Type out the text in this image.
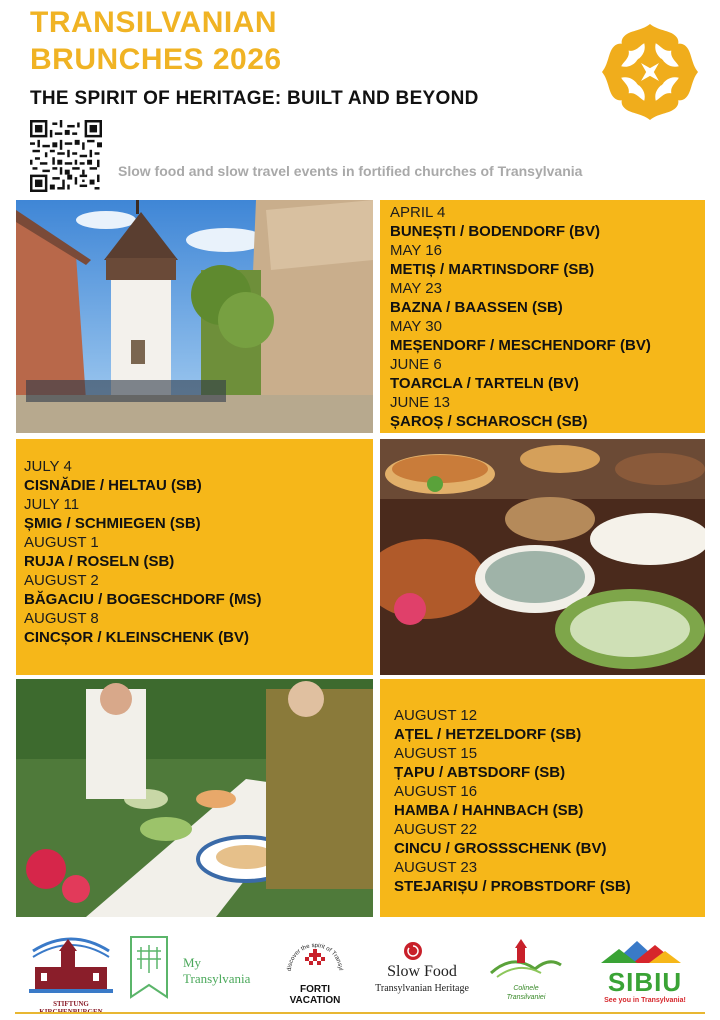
TRANSILVANIAN
BRUNCHES 2026
THE SPIRIT OF HERITAGE: BUILT AND BEYOND
Slow food and slow travel events in fortified churches of Transylvania
APRIL 4
BUNEȘTI / BODENDORF (BV)
MAY 16
METIȘ / MARTINSDORF (SB)
MAY 23
BAZNA / BAASSEN (SB)
MAY 30
MEȘENDORF / MESCHENDORF (BV)
JUNE 6
TOARCLA / TARTELN (BV)
JUNE 13
ȘAROȘ / SCHAROSCH (SB)
JULY 4
CISNĂDIE / HELTAU (SB)
JULY 11
ȘMIG / SCHMIEGEN (SB)
AUGUST 1
RUJA / ROSELN (SB)
AUGUST 2
BĂGACIU / BOGESCHDORF (MS)
AUGUST 8
CINCȘOR / KLEINSCHENK (BV)
AUGUST 12
AȚEL / HETZELDORF (SB)
AUGUST 15
ȚAPU / ABTSDORF (SB)
AUGUST 16
HAMBA / HAHNBACH (SB)
AUGUST 22
CINCU / GROSSSCHENK (BV)
AUGUST 23
STEJARIȘU / PROBSTDORF (SB)
STIFTUNG
My
Transylvania
discover the spirit of Transyl
FORTI
VACATION
Slow Food
Transylvanian Heritage	Colinele
Transilvaniei
SIBIU
See you in Transylvania!
